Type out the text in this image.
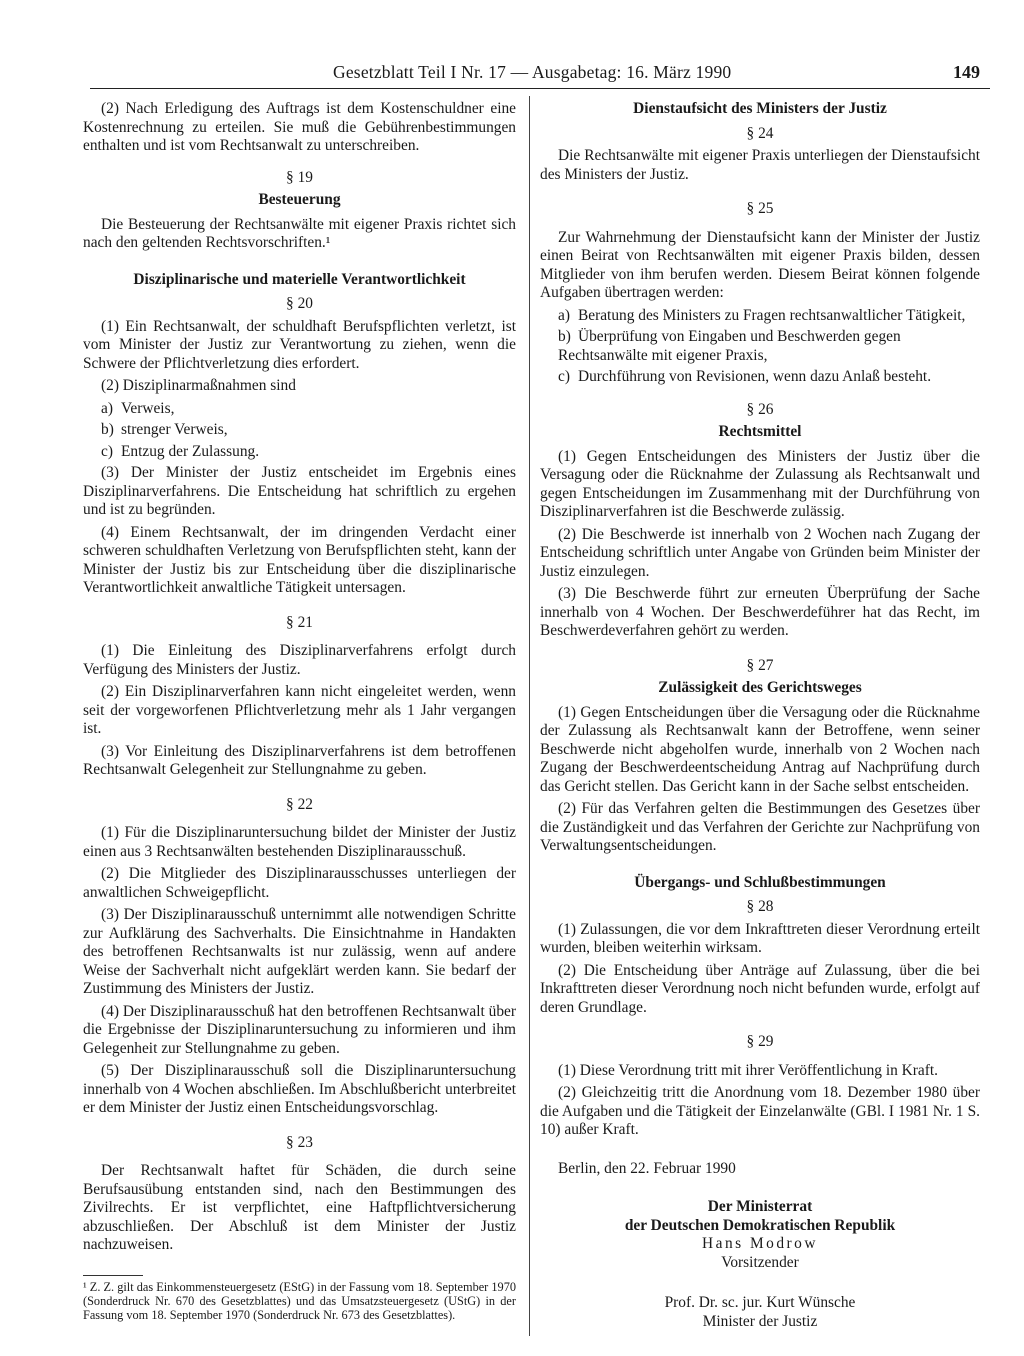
Gesetzblatt Teil I Nr. 17 — Ausgabetag: 16. März 1990	149

(2) Nach Erledigung des Auftrags ist dem Kostenschuldner eine Kostenrechnung zu erteilen. Sie muß die Gebührenbestimmungen enthalten und ist vom Rechtsanwalt zu unterschreiben.

§ 19
Besteuerung

Die Besteuerung der Rechtsanwälte mit eigener Praxis richtet sich nach den geltenden Rechtsvorschriften.¹

Disziplinarische und materielle Verantwortlichkeit
§ 20

(1) Ein Rechtsanwalt, der schuldhaft Berufspflichten verletzt, ist vom Minister der Justiz zur Verantwortung zu ziehen, wenn die Schwere der Pflichtverletzung dies erfordert.

(2) Disziplinarmaßnahmen sind

a) Verweis,
b) strenger Verweis,
c) Entzug der Zulassung.

(3) Der Minister der Justiz entscheidet im Ergebnis eines Disziplinarverfahrens. Die Entscheidung hat schriftlich zu ergehen und ist zu begründen.

(4) Einem Rechtsanwalt, der im dringenden Verdacht einer schweren schuldhaften Verletzung von Berufspflichten steht, kann der Minister der Justiz bis zur Entscheidung über die disziplinarische Verantwortlichkeit anwaltliche Tätigkeit untersagen.

§ 21

(1) Die Einleitung des Disziplinarverfahrens erfolgt durch Verfügung des Ministers der Justiz.

(2) Ein Disziplinarverfahren kann nicht eingeleitet werden, wenn seit der vorgeworfenen Pflichtverletzung mehr als 1 Jahr vergangen ist.

(3) Vor Einleitung des Disziplinarverfahrens ist dem betroffenen Rechtsanwalt Gelegenheit zur Stellungnahme zu geben.

§ 22

(1) Für die Disziplinaruntersuchung bildet der Minister der Justiz einen aus 3 Rechtsanwälten bestehenden Disziplinarausschuß.

(2) Die Mitglieder des Disziplinarausschusses unterliegen der anwaltlichen Schweigepflicht.

(3) Der Disziplinarausschuß unternimmt alle notwendigen Schritte zur Aufklärung des Sachverhalts. Die Einsichtnahme in Handakten des betroffenen Rechtsanwalts ist nur zulässig, wenn auf andere Weise der Sachverhalt nicht aufgeklärt werden kann. Sie bedarf der Zustimmung des Ministers der Justiz.

(4) Der Disziplinarausschuß hat den betroffenen Rechtsanwalt über die Ergebnisse der Disziplinaruntersuchung zu informieren und ihm Gelegenheit zur Stellungnahme zu geben.

(5) Der Disziplinarausschuß soll die Disziplinaruntersuchung innerhalb von 4 Wochen abschließen. Im Abschlußbericht unterbreitet er dem Minister der Justiz einen Entscheidungsvorschlag.

§ 23

Der Rechtsanwalt haftet für Schäden, die durch seine Berufsausübung entstanden sind, nach den Bestimmungen des Zivilrechts. Er ist verpflichtet, eine Haftpflichtversicherung abzuschließen. Der Abschluß ist dem Minister der Justiz nachzuweisen.

¹ Z. Z. gilt das Einkommensteuergesetz (EStG) in der Fassung vom 18. September 1970 (Sonderdruck Nr. 670 des Gesetzblattes) und das Umsatzsteuergesetz (UStG) in der Fassung vom 18. September 1970 (Sonderdruck Nr. 673 des Gesetzblattes).
Dienstaufsicht des Ministers der Justiz
§ 24

Die Rechtsanwälte mit eigener Praxis unterliegen der Dienstaufsicht des Ministers der Justiz.

§ 25

Zur Wahrnehmung der Dienstaufsicht kann der Minister der Justiz einen Beirat von Rechtsanwälten mit eigener Praxis bilden, dessen Mitglieder von ihm berufen werden. Diesem Beirat können folgende Aufgaben übertragen werden:

a) Beratung des Ministers zu Fragen rechtsanwaltlicher Tätigkeit,
b) Überprüfung von Eingaben und Beschwerden gegen Rechtsanwälte mit eigener Praxis,
c) Durchführung von Revisionen, wenn dazu Anlaß besteht.
§ 26
Rechtsmittel

(1) Gegen Entscheidungen des Ministers der Justiz über die Versagung oder die Rücknahme der Zulassung als Rechtsanwalt und gegen Entscheidungen im Zusammenhang mit der Durchführung von Disziplinarverfahren ist die Beschwerde zulässig.

(2) Die Beschwerde ist innerhalb von 2 Wochen nach Zugang der Entscheidung schriftlich unter Angabe von Gründen beim Minister der Justiz einzulegen.

(3) Die Beschwerde führt zur erneuten Überprüfung der Sache innerhalb von 4 Wochen. Der Beschwerdeführer hat das Recht, im Beschwerdeverfahren gehört zu werden.

§ 27
Zulässigkeit des Gerichtsweges

(1) Gegen Entscheidungen über die Versagung oder die Rücknahme der Zulassung als Rechtsanwalt kann der Betroffene, wenn seiner Beschwerde nicht abgeholfen wurde, innerhalb von 2 Wochen nach Zugang der Beschwerdeentscheidung Antrag auf Nachprüfung durch das Gericht stellen. Das Gericht kann in der Sache selbst entscheiden.

(2) Für das Verfahren gelten die Bestimmungen des Gesetzes über die Zuständigkeit und das Verfahren der Gerichte zur Nachprüfung von Verwaltungsentscheidungen.

Übergangs- und Schlußbestimmungen
§ 28

(1) Zulassungen, die vor dem Inkrafttreten dieser Verordnung erteilt wurden, bleiben weiterhin wirksam.

(2) Die Entscheidung über Anträge auf Zulassung, über die bei Inkrafttreten dieser Verordnung noch nicht befunden wurde, erfolgt auf deren Grundlage.

§ 29

(1) Diese Verordnung tritt mit ihrer Veröffentlichung in Kraft.

(2) Gleichzeitig tritt die Anordnung vom 18. Dezember 1980 über die Aufgaben und die Tätigkeit der Einzelanwälte (GBl. I 1981 Nr. 1 S. 10) außer Kraft.

Berlin, den 22. Februar 1990

Der Ministerrat
der Deutschen Demokratischen Republik
Hans Modrow
Vorsitzender
Prof. Dr. sc. jur. Kurt Wünsche
Minister der Justiz
